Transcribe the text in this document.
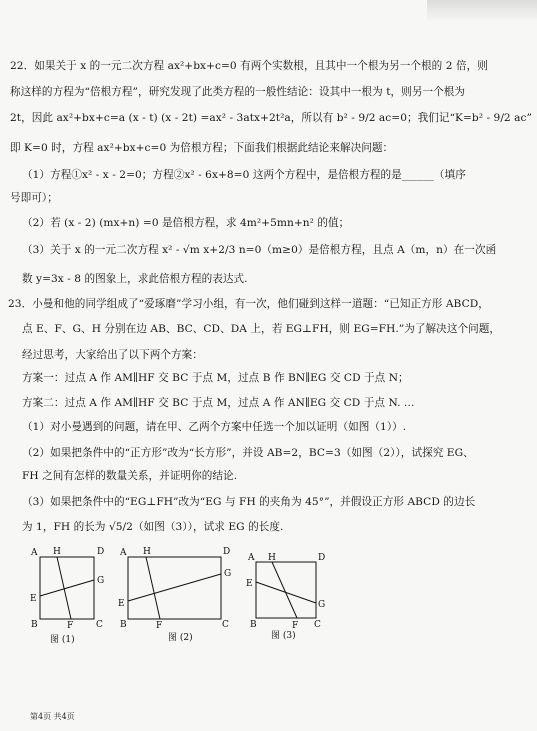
22．如果关于 x 的一元二次方程 ax²+bx+c=0 有两个实数根，且其中一个根为另一个根的 2 倍，则
称这样的方程为“倍根方程”，研究发现了此类方程的一般性结论：设其中一根为 t，则另一个根为
2t，因此 ax²+bx+c=a (x - t) (x - 2t) =ax² - 3atx+2t²a，所以有 b² - 9/2 ac=0；我们记“K=b² - 9/2 ac”
即 K=0 时，方程 ax²+bx+c=0 为倍根方程；下面我们根据此结论来解决问题：
（1）方程①x² - x - 2=0；方程②x² - 6x+8=0 这两个方程中，是倍根方程的是______（填序
号即可）；
（2）若 (x - 2) (mx+n) =0 是倍根方程，求 4m²+5mn+n² 的值；
（3）关于 x 的一元二次方程 x² - √m x+2/3 n=0（m≥0）是倍根方程，且点 A（m，n）在一次函
数 y=3x - 8 的图象上，求此倍根方程的表达式.
23．小曼和他的同学组成了“爱琢磨”学习小组，有一次，他们碰到这样一道题：“已知正方形 ABCD，
点 E、F、G、H 分别在边 AB、BC、CD、DA 上，若 EG⊥FH，则 EG=FH.”为了解决这个问题，
经过思考，大家给出了以下两个方案：
方案一：过点 A 作 AM∥HF 交 BC 于点 M，过点 B 作 BN∥EG 交 CD 于点 N；
方案二：过点 A 作 AM∥HF 交 BC 于点 M，过点 A 作 AN∥EG 交 CD 于点 N. …
（1）对小曼遇到的问题，请在甲、乙两个方案中任选一个加以证明（如图（1））.
（2）如果把条件中的“正方形”改为“长方形”，并设 AB=2，BC=3（如图（2）），试探究 EG、
FH 之间有怎样的数量关系，并证明你的结论.
（3）如果把条件中的“EG⊥FH”改为“EG 与 FH 的夹角为 45°”，并假设正方形 ABCD 的边长
为 1，FH 的长为 √5/2（如图（3）），试求 EG 的长度.
A H	D
G
E
B	F	C
图 (1)
A H	D
G
E
B	F	C
图 (2)
A H	D
E
G
B	F C
图 (3)
第4页 共4页
